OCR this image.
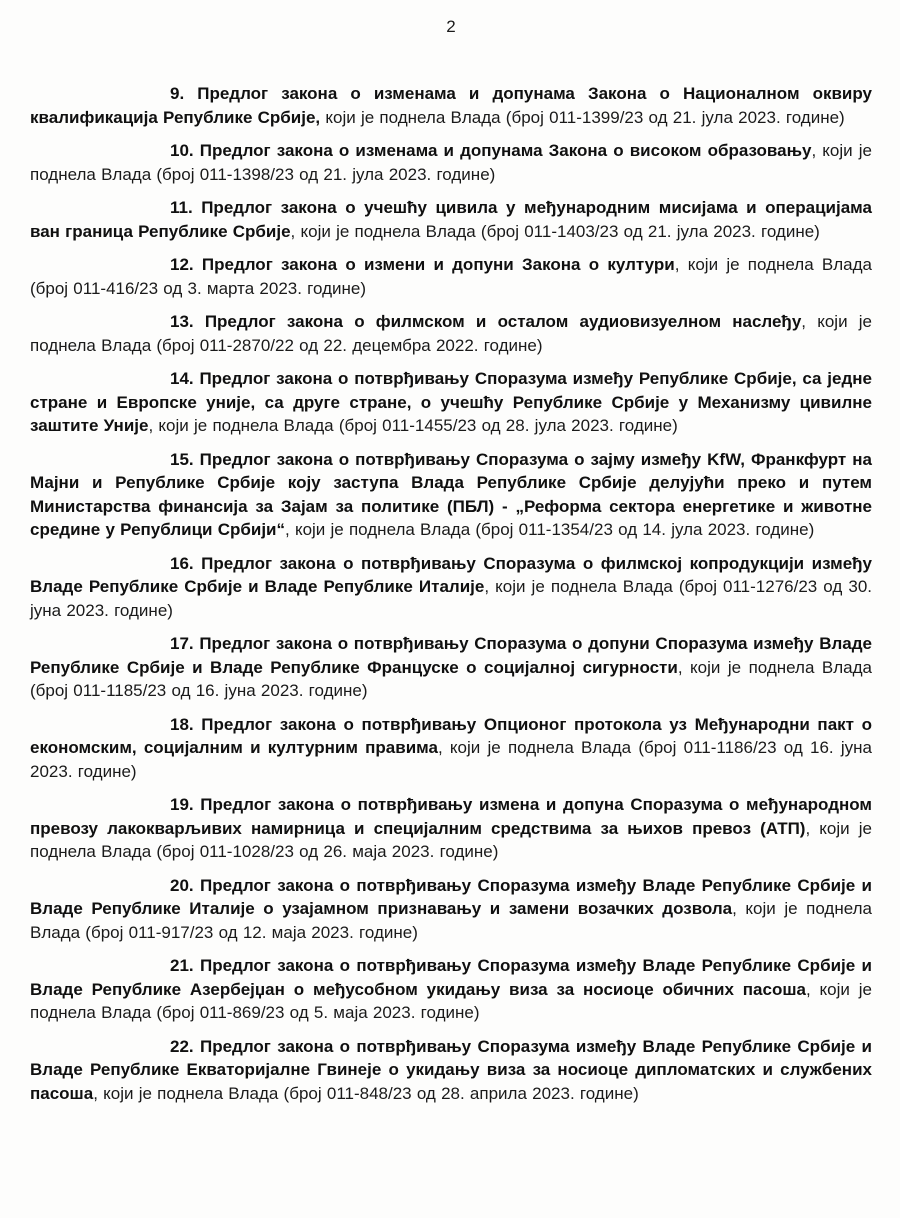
2

9. Предлог закона о изменама и допунама Закона о Националном оквиру квалификација Републике Србије, који је поднела Влада (број 011-1399/23 од 21. јула 2023. године)

10. Предлог закона о изменама и допунама Закона о високом образовању, који је поднела Влада (број 011-1398/23 од 21. јула 2023. године)

11. Предлог закона о учешћу цивила у међународним мисијама и операцијама ван граница Републике Србије, који је поднела Влада (број 011-1403/23 од 21. јула 2023. године)

12. Предлог закона о измени и допуни Закона о култури, који је поднела Влада (број 011-416/23 од 3. марта 2023. године)

13. Предлог закона о филмском и осталом аудиовизуелном наслеђу, који је поднела Влада (број 011-2870/22 од 22. децембра 2022. године)

14. Предлог закона о потврђивању Споразума између Републике Србије, са једне стране и Европске уније, са друге стране, о учешћу Републике Србије у Механизму цивилне заштите Уније, који је поднела Влада (број 011-1455/23 од 28. јула 2023. године)

15. Предлог закона о потврђивању Споразума о зајму између KfW, Франкфурт на Мајни и Републике Србије коју заступа Влада Републике Србије делујући преко и путем Министарства финансија за Зајам за политике (ПБЛ) - „Реформа сектора енергетике и животне средине у Републици Србији“, који је поднела Влада (број 011-1354/23 од 14. јула 2023. године)

16. Предлог закона о потврђивању Споразума о филмској копродукцији између Владе Републике Србије и Владе Републике Италије, који је поднела Влада (број 011-1276/23 од 30. јуна 2023. године)

17. Предлог закона о потврђивању Споразума о допуни Споразума између Владе Републике Србије и Владе Републике Француске о социјалној сигурности, који је поднела Влада (број 011-1185/23 од 16. јуна 2023. године)

18. Предлог закона о потврђивању Опционог протокола уз Међународни пакт о економским, социјалним и културним правима, који је поднела Влада (број 011-1186/23 од 16. јуна 2023. године)

19. Предлог закона о потврђивању измена и допуна Споразума о међународном превозу лакокварљивих намирница и специјалним средствима за њихов превоз (АТП), који је поднела Влада (број 011-1028/23 од 26. маја 2023. године)

20. Предлог закона о потврђивању Споразума између Владе Републике Србије и Владе Републике Италије о узајамном признавању и замени возачких дозвола, који је поднела Влада (број 011-917/23 од 12. маја 2023. године)

21. Предлог закона о потврђивању Споразума између Владе Републике Србије и Владе Републике Азербејџан о међусобном укидању виза за носиоце обичних пасоша, који је поднела Влада (број 011-869/23 од 5. маја 2023. године)

22. Предлог закона о потврђивању Споразума између Владе Републике Србије и Владе Републике Екваторијалне Гвинеје о укидању виза за носиоце дипломатских и службених пасоша, који је поднела Влада (број 011-848/23 од 28. априла 2023. године)
